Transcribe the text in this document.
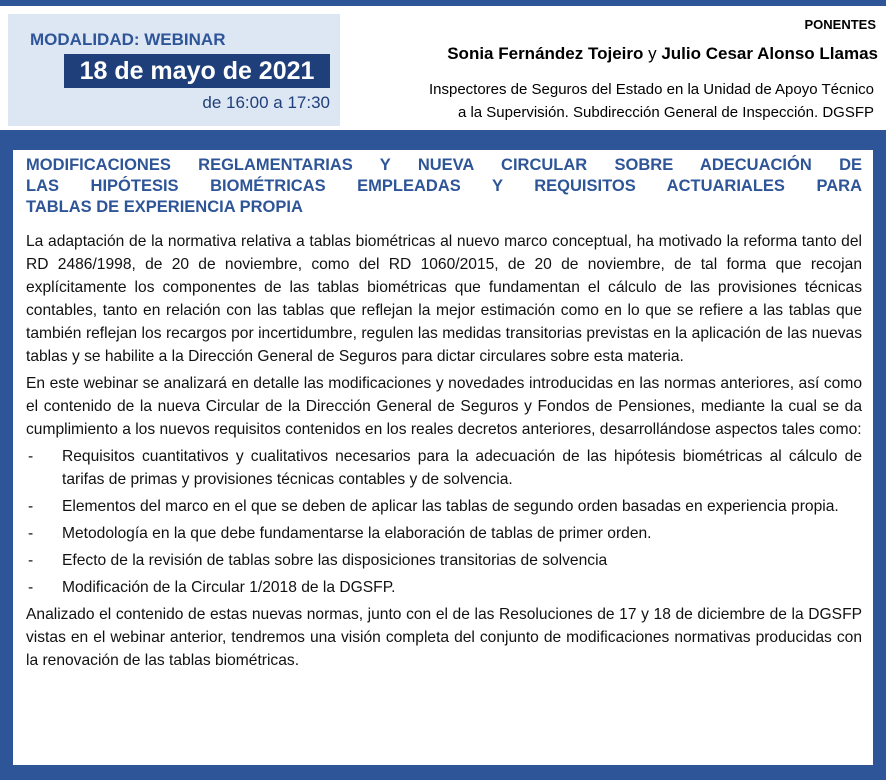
MODALIDAD: WEBINAR
18 de mayo de 2021
de 16:00 a 17:30
PONENTES
Sonia Fernández Tojeiro y Julio Cesar Alonso Llamas
Inspectores de Seguros del Estado en la Unidad de Apoyo Técnico
a la Supervisión. Subdirección General de Inspección. DGSFP
MODIFICACIONES REGLAMENTARIAS Y NUEVA CIRCULAR SOBRE ADECUACIÓN DE
LAS HIPÓTESIS BIOMÉTRICAS EMPLEADAS Y REQUISITOS ACTUARIALES PARA
TABLAS DE EXPERIENCIA PROPIA

La adaptación de la normativa relativa a tablas biométricas al nuevo marco conceptual, ha motivado la reforma tanto del RD 2486/1998, de 20 de noviembre, como del RD 1060/2015, de 20 de noviembre, de tal forma que recojan explícitamente los componentes de las tablas biométricas que fundamentan el cálculo de las provisiones técnicas contables, tanto en relación con las tablas que reflejan la mejor estimación como en lo que se refiere a las tablas que también reflejan los recargos por incertidumbre, regulen las medidas transitorias previstas en la aplicación de las nuevas tablas y se habilite a la Dirección General de Seguros para dictar circulares sobre esta materia.

En este webinar se analizará en detalle las modificaciones y novedades introducidas en las normas anteriores, así como el contenido de la nueva Circular de la Dirección General de Seguros y Fondos de Pensiones, mediante la cual se da cumplimiento a los nuevos requisitos contenidos en los reales decretos anteriores, desarrollándose aspectos tales como:

- Requisitos cuantitativos y cualitativos necesarios para la adecuación de las hipótesis biométricas al cálculo de tarifas de primas y provisiones técnicas contables y de solvencia.
- Elementos del marco en el que se deben de aplicar las tablas de segundo orden basadas en experiencia propia.
- Metodología en la que debe fundamentarse la elaboración de tablas de primer orden.
- Efecto de la revisión de tablas sobre las disposiciones transitorias de solvencia
- Modificación de la Circular 1/2018 de la DGSFP.

Analizado el contenido de estas nuevas normas, junto con el de las Resoluciones de 17 y 18 de diciembre de la DGSFP vistas en el webinar anterior, tendremos una visión completa del conjunto de modificaciones normativas producidas con la renovación de las tablas biométricas.
